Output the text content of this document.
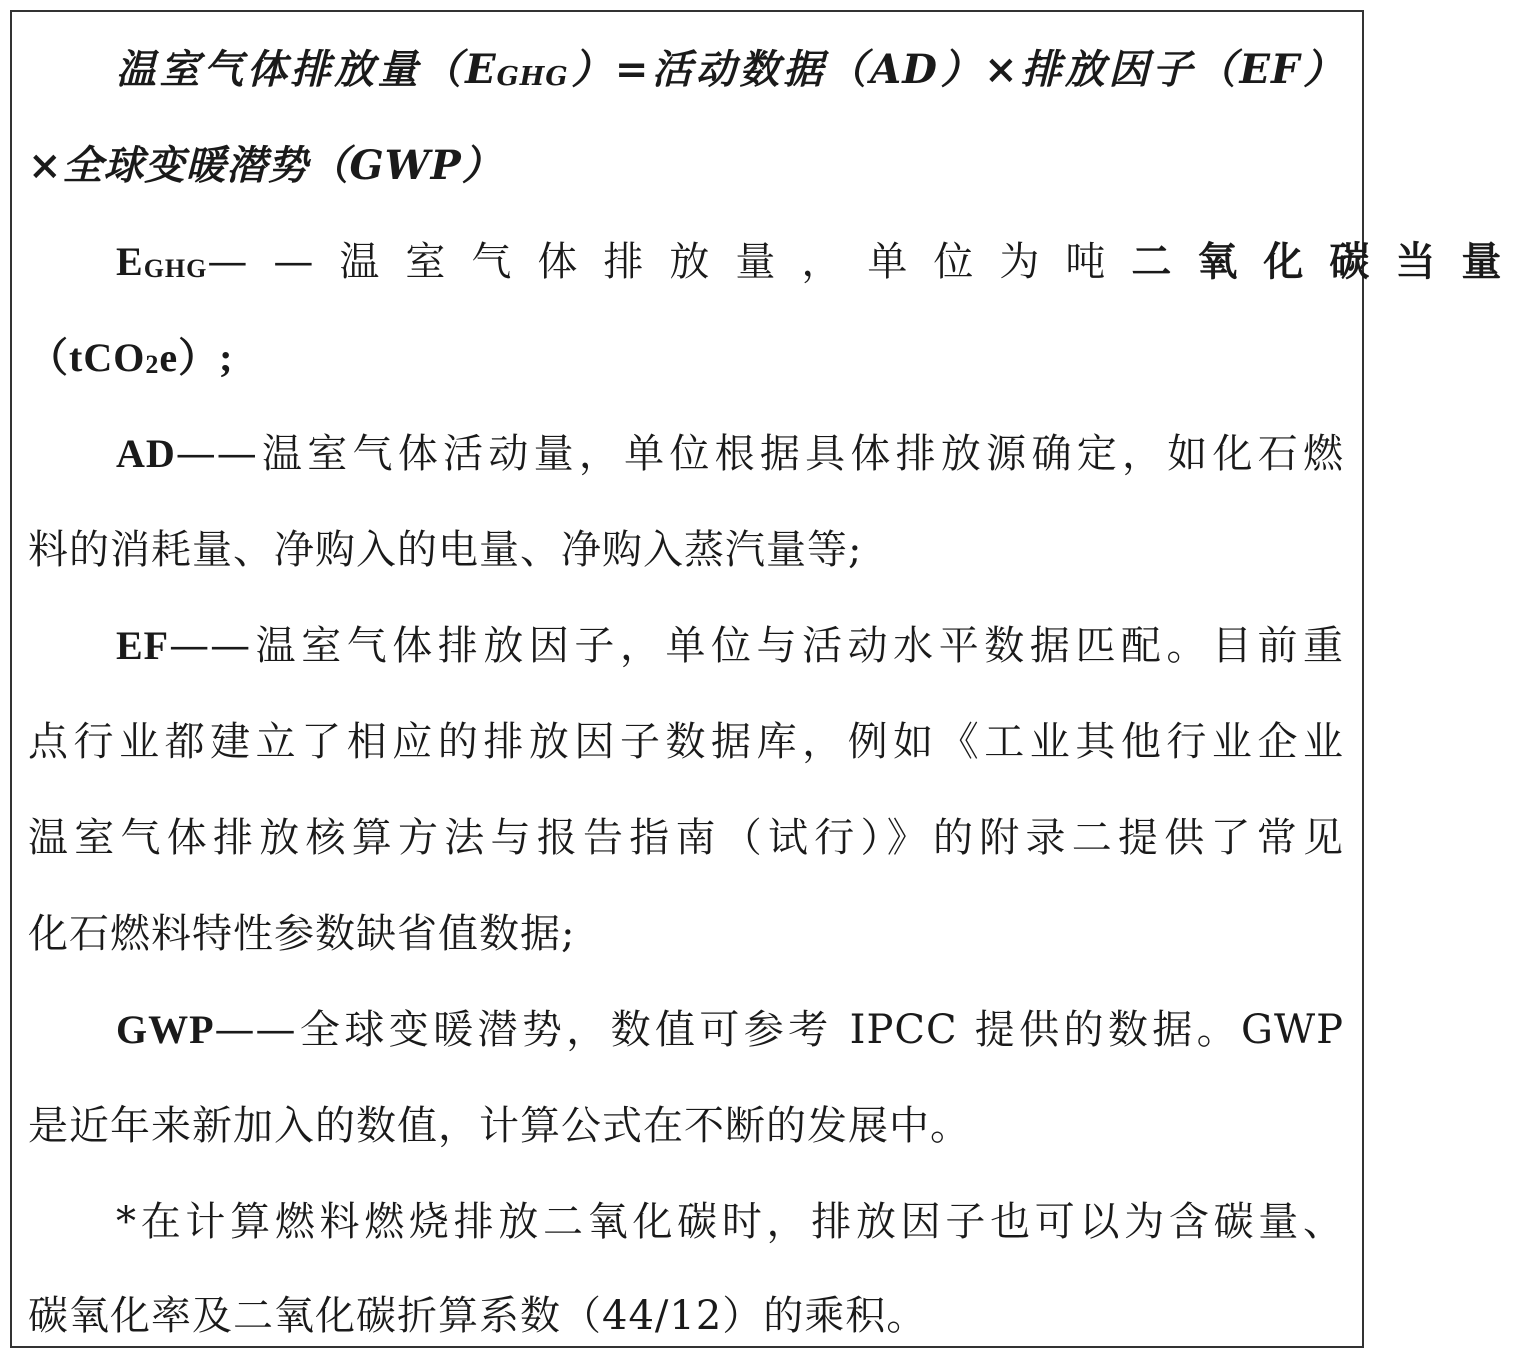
温室气体排放量（EGHG）=活动数据（AD）×排放因子（EF）
×全球变暖潜势（GWP）
EGHG——温室气体排放量，单位为吨二氧化碳当量
（tCO2e）;
AD——温室气体活动量，单位根据具体排放源确定，如化石燃
料的消耗量、净购入的电量、净购入蒸汽量等;
EF——温室气体排放因子，单位与活动水平数据匹配。目前重
点行业都建立了相应的排放因子数据库，例如《工业其他行业企业
温室气体排放核算方法与报告指南（试行）》的附录二提供了常见
化石燃料特性参数缺省值数据;
GWP——全球变暖潜势，数值可参考 IPCC 提供的数据。GWP
是近年来新加入的数值，计算公式在不断的发展中。
*在计算燃料燃烧排放二氧化碳时，排放因子也可以为含碳量、
碳氧化率及二氧化碳折算系数（44/12）的乘积。
